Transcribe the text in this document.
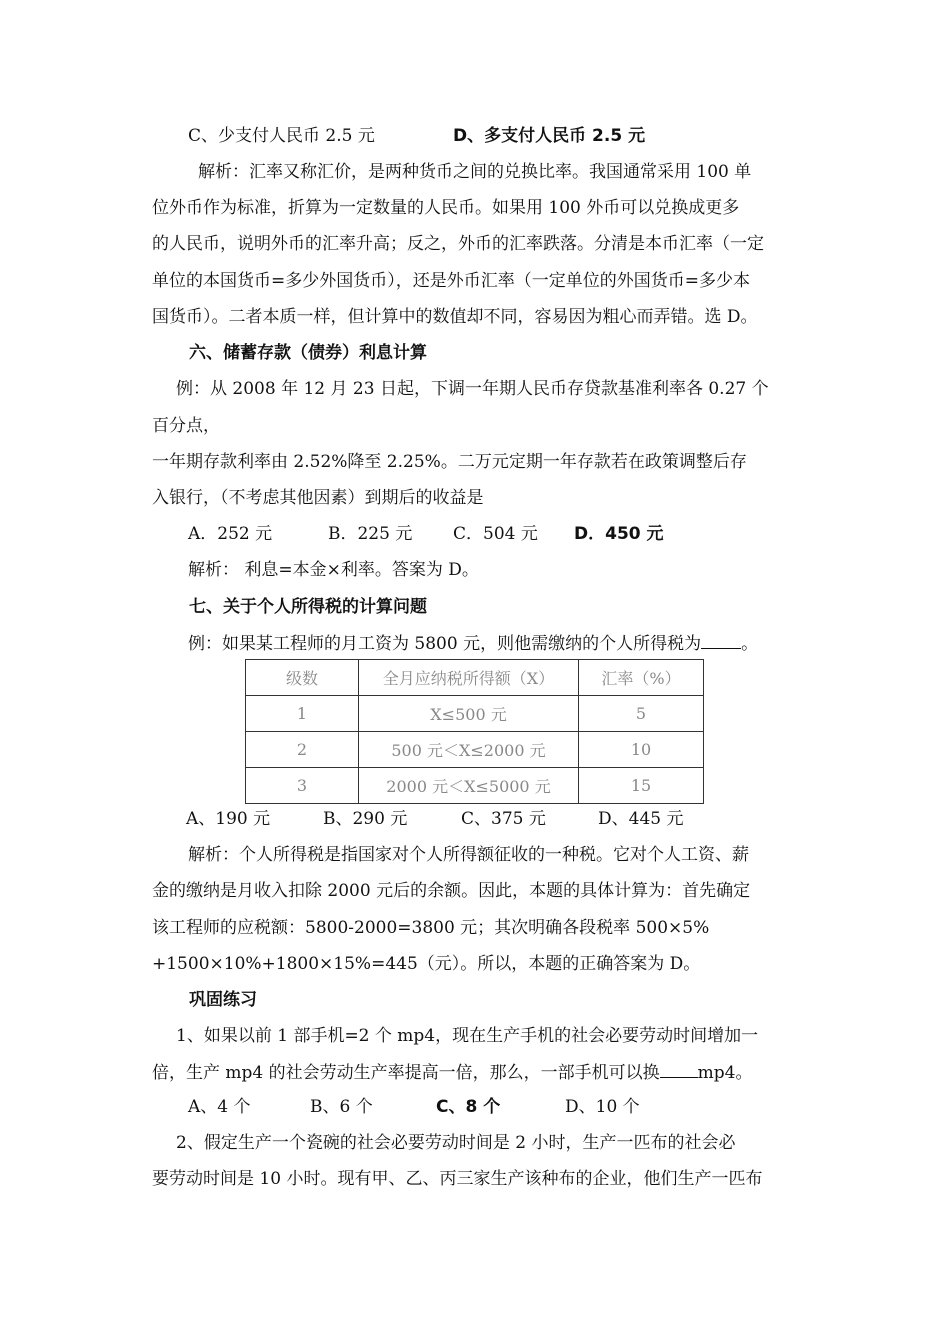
C、少支付人民币 2.5 元	D、多支付人民币 2.5 元
解析：汇率又称汇价，是两种货币之间的兑换比率。我国通常采用 100 单
位外币作为标准，折算为一定数量的人民币。如果用 100 外币可以兑换成更多
的人民币，说明外币的汇率升高；反之，外币的汇率跌落。分清是本币汇率（一定
单位的本国货币=多少外国货币），还是外币汇率（一定单位的外国货币=多少本
国货币）。二者本质一样，但计算中的数值却不同，容易因为粗心而弄错。选 D。
六、储蓄存款（债券）利息计算
例：从 2008 年 12 月 23 日起，下调一年期人民币存贷款基准利率各 0.27 个
百分点，
一年期存款利率由 2.52%降至 2.25%。二万元定期一年存款若在政策调整后存
入银行，（不考虑其他因素）到期后的收益是
A．252 元	B．225 元 C．504 元 D．450 元
解析： 利息=本金×利率。答案为 D。
七、关于个人所得税的计算问题
例：如果某工程师的月工资为 5800 元，则他需缴纳的个人所得税为 。
级数	全月应纳税所得额（X）	汇率（%）
1	X≤500 元	5
2	500 元＜X≤2000 元	10
3	2000 元＜X≤5000 元	15
A、190 元	B、290 元	C、375 元	D、445 元
解析：个人所得税是指国家对个人所得额征收的一种税。它对个人工资、薪
金的缴纳是月收入扣除 2000 元后的余额。因此，本题的具体计算为：首先确定
该工程师的应税额：5800-2000=3800 元；其次明确各段税率 500×5%
+1500×10%+1800×15%=445（元）。所以，本题的正确答案为 D。
巩固练习
1、如果以前 1 部手机=2 个 mp4，现在生产手机的社会必要劳动时间增加一
倍，生产 mp4 的社会劳动生产率提高一倍，那么，一部手机可以换 mp4。
A、4 个	B、6 个	C、8 个	D、10 个
2、假定生产一个瓷碗的社会必要劳动时间是 2 小时，生产一匹布的社会必
要劳动时间是 10 小时。现有甲、乙、丙三家生产该种布的企业，他们生产一匹布
